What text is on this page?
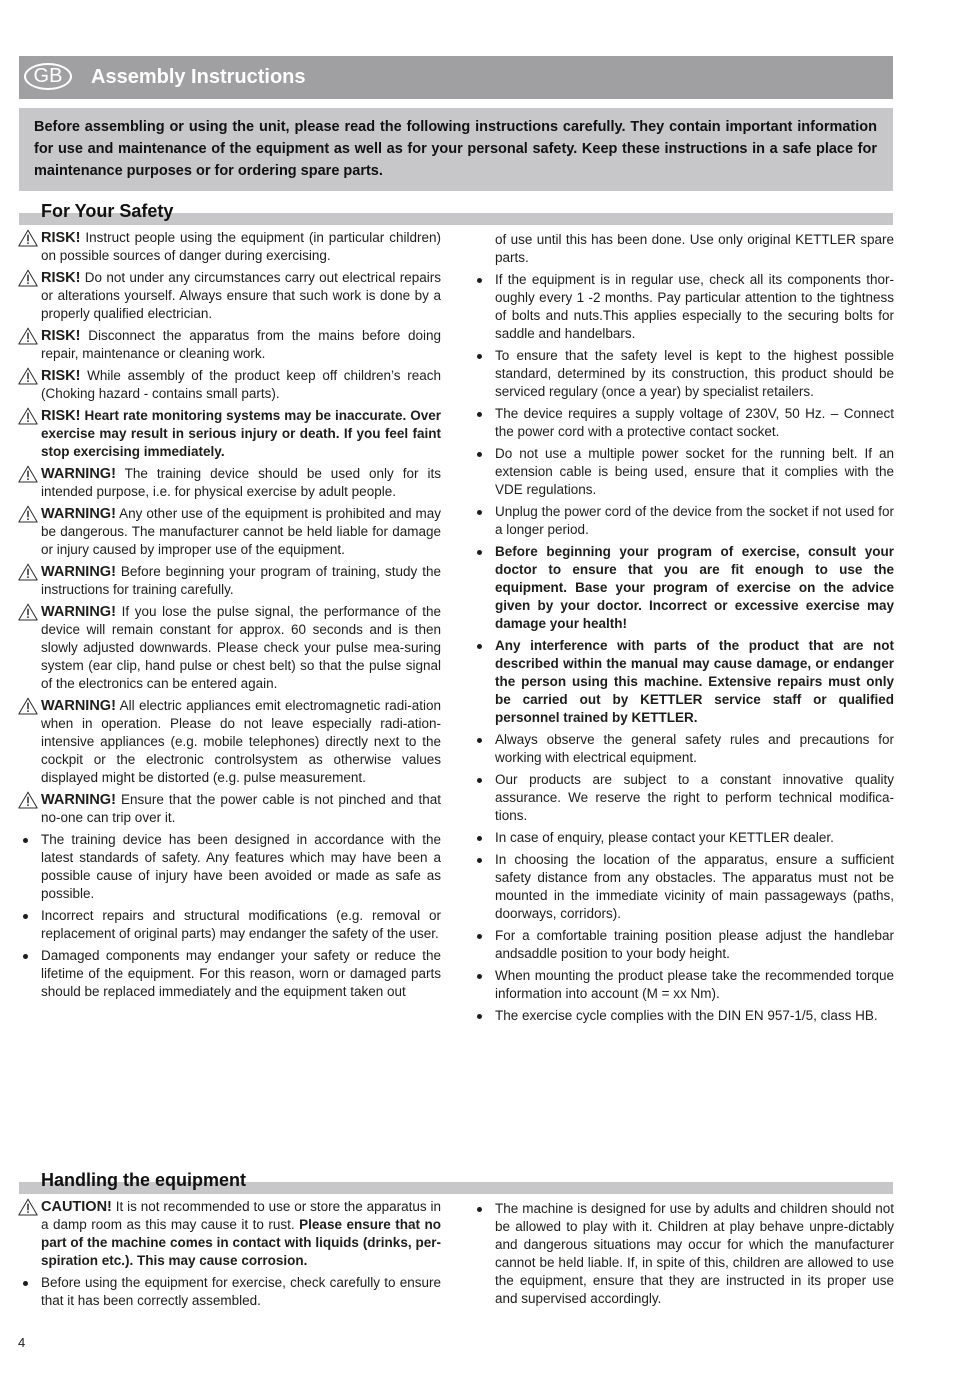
GB	Assembly Instructions
Before assembling or using the unit, please read the following instructions carefully. They contain important information for use and maintenance of the equipment as well as for your personal safety. Keep these instructions in a safe place for maintenance purposes or for ordering spare parts.
For Your Safety
RISK! Instruct people using the equipment (in particular children) on possible sources of danger during exercising.
RISK! Do not under any circumstances carry out electrical repairs or alterations yourself. Always ensure that such work is done by a properly qualified electrician.
RISK! Disconnect the apparatus from the mains before doing repair, maintenance or cleaning work.
RISK! While assembly of the product keep off children’s reach (Choking hazard - contains small parts).
RISK! Heart rate monitoring systems may be inaccurate. Over exercise may result in serious injury or death. If you feel faint stop exercising immediately.
WARNING! The training device should be used only for its intended purpose, i.e. for physical exercise by adult people.
WARNING! Any other use of the equipment is prohibited and may be dangerous. The manufacturer cannot be held liable for damage or injury caused by improper use of the equipment.
WARNING! Before beginning your program of training, study the instructions for training carefully.
WARNING! If you lose the pulse signal, the performance of the device will remain constant for approx. 60 seconds and is then slowly adjusted downwards. Please check your pulse mea-suring system (ear clip, hand pulse or chest belt) so that the pulse signal of the electronics can be entered again.
WARNING! All electric appliances emit electromagnetic radi-ation when in operation. Please do not leave especially radi-ation-intensive appliances (e.g. mobile telephones) directly next to the cockpit or the electronic controlsystem as otherwise values displayed might be distorted (e.g. pulse measurement.
WARNING! Ensure that the power cable is not pinched and that no-one can trip over it.
The training device has been designed in accordance with the latest standards of safety. Any features which may have been a possible cause of injury have been avoided or made as safe as possible.
Incorrect repairs and structural modifications (e.g. removal or replacement of original parts) may endanger the safety of the user.
Damaged components may endanger your safety or reduce the lifetime of the equipment. For this reason, worn or damaged parts should be replaced immediately and the equipment taken out
of use until this has been done. Use only original KETTLER spare parts.
If the equipment is in regular use, check all its components thor-oughly every 1 -2 months. Pay particular attention to the tightness of bolts and nuts.This applies especially to the securing bolts for saddle and handelbars.
To ensure that the safety level is kept to the highest possible standard, determined by its construction, this product should be serviced regulary (once a year) by specialist retailers.
The device requires a supply voltage of 230V, 50 Hz. – Connect the power cord with a protective contact socket.
Do not use a multiple power socket for the running belt. If an extension cable is being used, ensure that it complies with the VDE regulations.
Unplug the power cord of the device from the socket if not used for a longer period.
Before beginning your program of exercise, consult your doctor to ensure that you are fit enough to use the equipment. Base your program of exercise on the advice given by your doctor. Incorrect or excessive exercise may damage your health!
Any interference with parts of the product that are not described within the manual may cause damage, or endanger the person using this machine. Extensive repairs must only be carried out by KETTLER service staff or qualified personnel trained by KETTLER.
Always observe the general safety rules and precautions for working with electrical equipment.
Our products are subject to a constant innovative quality assurance. We reserve the right to perform technical modifica-tions.
In case of enquiry, please contact your KETTLER dealer.
In choosing the location of the apparatus, ensure a sufficient safety distance from any obstacles. The apparatus must not be mounted in the immediate vicinity of main passageways (paths, doorways, corridors).
For a comfortable training position please adjust the handlebar andsaddle position to your body height.
When mounting the product please take the recommended torque information into account (M = xx Nm).
The exercise cycle complies with the DIN EN 957-1/5, class HB.
Handling the equipment
CAUTION! It is not recommended to use or store the apparatus in a damp room as this may cause it to rust. Please ensure that no part of the machine comes in contact with liquids (drinks, per-spiration etc.). This may cause corrosion.
Before using the equipment for exercise, check carefully to ensure that it has been correctly assembled.
The machine is designed for use by adults and children should not be allowed to play with it. Children at play behave unpre-dictably and dangerous situations may occur for which the manufacturer cannot be held liable. If, in spite of this, children are allowed to use the equipment, ensure that they are instructed in its proper use and supervised accordingly.
4
